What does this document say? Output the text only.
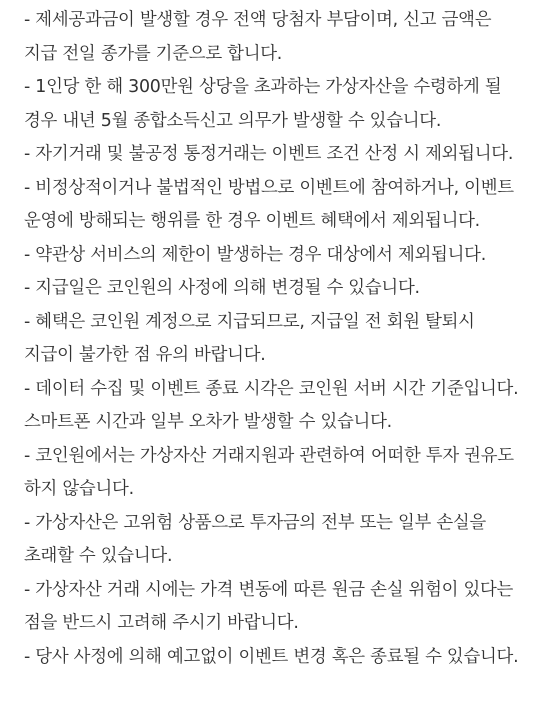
- 제세공과금이 발생할 경우 전액 당첨자 부담이며, 신고 금액은 지급 전일 종가를 기준으로 합니다.
- 1인당 한 해 300만원 상당을 초과하는 가상자산을 수령하게 될 경우 내년 5월 종합소득신고 의무가 발생할 수 있습니다.
- 자기거래 및 불공정 통정거래는 이벤트 조건 산정 시 제외됩니다.
- 비정상적이거나 불법적인 방법으로 이벤트에 참여하거나, 이벤트 운영에 방해되는 행위를 한 경우 이벤트 혜택에서 제외됩니다.
- 약관상 서비스의 제한이 발생하는 경우 대상에서 제외됩니다.
- 지급일은 코인원의 사정에 의해 변경될 수 있습니다.
- 혜택은 코인원 계정으로 지급되므로, 지급일 전 회원 탈퇴시 지급이 불가한 점 유의 바랍니다.
- 데이터 수집 및 이벤트 종료 시각은 코인원 서버 시간 기준입니다. 스마트폰 시간과 일부 오차가 발생할 수 있습니다.
- 코인원에서는 가상자산 거래지원과 관련하여 어떠한 투자 권유도 하지 않습니다.
- 가상자산은 고위험 상품으로 투자금의 전부 또는 일부 손실을 초래할 수 있습니다.
- 가상자산 거래 시에는 가격 변동에 따른 원금 손실 위험이 있다는 점을 반드시 고려해 주시기 바랍니다.
- 당사 사정에 의해 예고없이 이벤트 변경 혹은 종료될 수 있습니다.
